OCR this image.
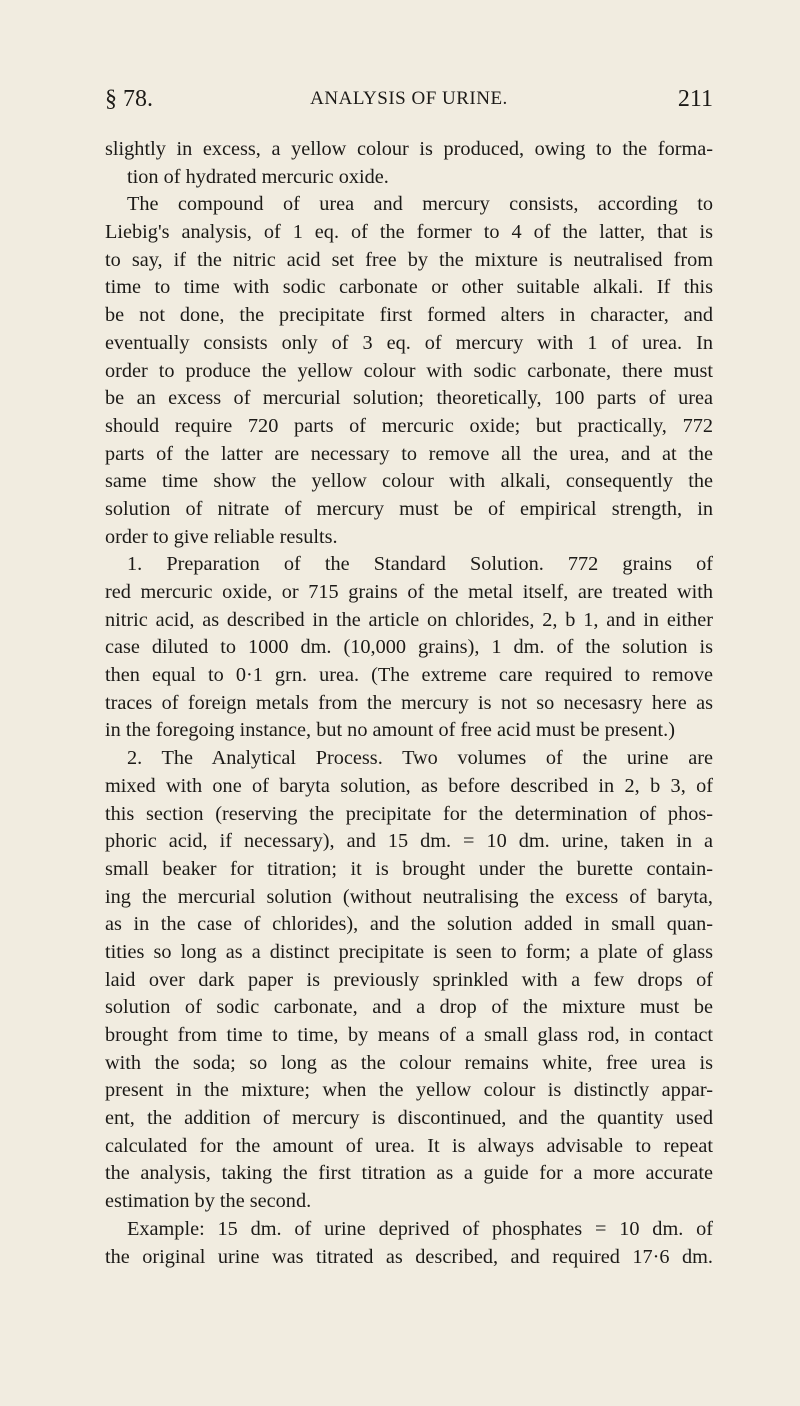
§ 78.	ANALYSIS OF URINE.	211
slightly in excess, a yellow colour is produced, owing to the forma-
tion of hydrated mercuric oxide.
The compound of urea and mercury consists, according to
Liebig's analysis, of 1 eq. of the former to 4 of the latter, that is
to say, if the nitric acid set free by the mixture is neutralised from
time to time with sodic carbonate or other suitable alkali. If this
be not done, the precipitate first formed alters in character, and
eventually consists only of 3 eq. of mercury with 1 of urea. In
order to produce the yellow colour with sodic carbonate, there must
be an excess of mercurial solution; theoretically, 100 parts of urea
should require 720 parts of mercuric oxide; but practically, 772
parts of the latter are necessary to remove all the urea, and at the
same time show the yellow colour with alkali, consequently the
solution of nitrate of mercury must be of empirical strength, in
order to give reliable results.
1. Preparation of the Standard Solution. 772 grains of
red mercuric oxide, or 715 grains of the metal itself, are treated with
nitric acid, as described in the article on chlorides, 2, b 1, and in either
case diluted to 1000 dm. (10,000 grains), 1 dm. of the solution is
then equal to 0·1 grn. urea. (The extreme care required to remove
traces of foreign metals from the mercury is not so necesasry here as
in the foregoing instance, but no amount of free acid must be present.)
2. The Analytical Process. Two volumes of the urine are
mixed with one of baryta solution, as before described in 2, b 3, of
this section (reserving the precipitate for the determination of phos-
phoric acid, if necessary), and 15 dm. = 10 dm. urine, taken in a
small beaker for titration; it is brought under the burette contain-
ing the mercurial solution (without neutralising the excess of baryta,
as in the case of chlorides), and the solution added in small quan-
tities so long as a distinct precipitate is seen to form; a plate of glass
laid over dark paper is previously sprinkled with a few drops of
solution of sodic carbonate, and a drop of the mixture must be
brought from time to time, by means of a small glass rod, in contact
with the soda; so long as the colour remains white, free urea is
present in the mixture; when the yellow colour is distinctly appar-
ent, the addition of mercury is discontinued, and the quantity used
calculated for the amount of urea. It is always advisable to repeat
the analysis, taking the first titration as a guide for a more accurate
estimation by the second.
Example: 15 dm. of urine deprived of phosphates = 10 dm. of
the original urine was titrated as described, and required 17·6 dm.
